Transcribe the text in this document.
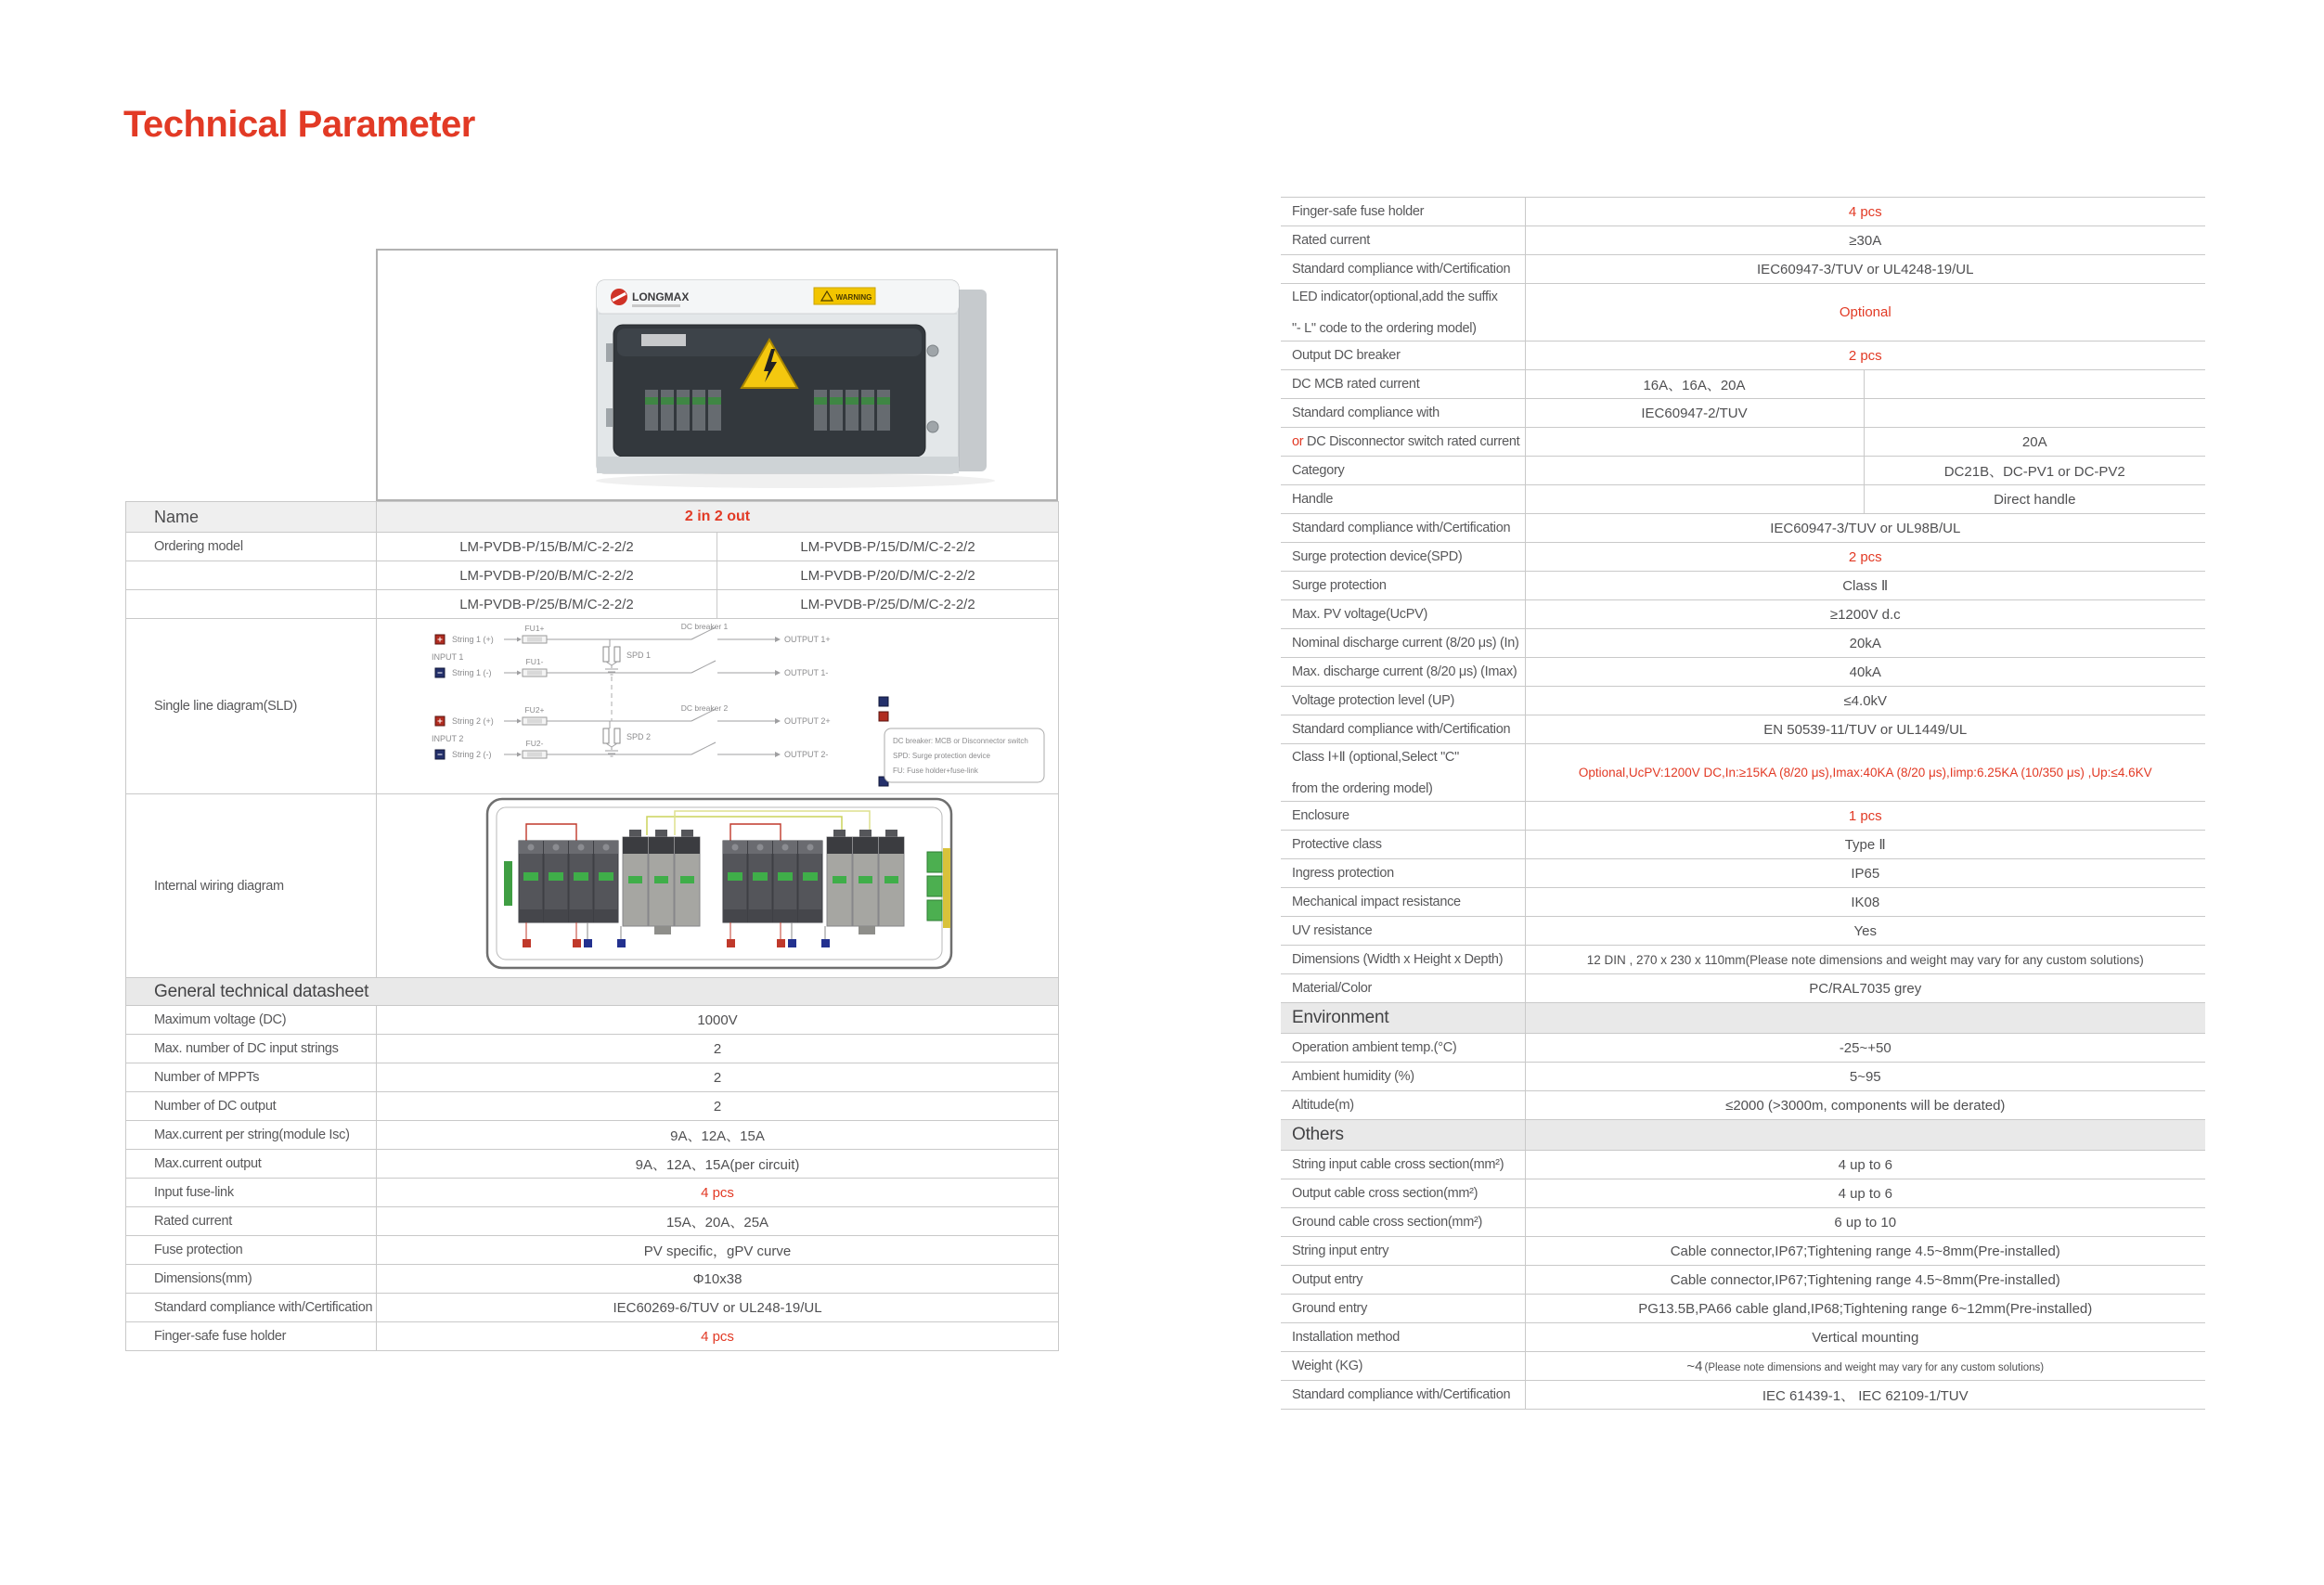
Technical Parameter
LONGMAX	WARNING
Name	2 in 2 out	
Ordering model	LM-PVDB-P/15/B/M/C-2-2/2	LM-PVDB-P/15/D/M/C-2-2/2
	LM-PVDB-P/20/B/M/C-2-2/2	LM-PVDB-P/20/D/M/C-2-2/2
	LM-PVDB-P/25/B/M/C-2-2/2	LM-PVDB-P/25/D/M/C-2-2/2
Single line diagram(SLD)	
String 1 (+)
FU1+	DC breaker 1
OUTPUT 1+
String 1 (-)
FU1-
OUTPUT 1-
INPUT 1	SPD 1
String 2 (+)
FU2+	DC breaker 2
OUTPUT 2+
String 2 (-)
FU2-
OUTPUT 2-
INPUT 2	SPD 2	DC breaker: MCB or Disconnector switch
SPD: Surge protection device
FU: Fuse holder+fuse-link

Internal wiring diagram	
General technical datasheet		
Maximum voltage (DC)	1000V	
Max. number of DC input strings	2	
Number of MPPTs	2	
Number of DC output	2	
Max.current per string(module Isc)	9A、12A、15A	
Max.current output	9A、12A、15A(per circuit)	
Input fuse-link	4 pcs	
Rated current	15A、20A、25A	
Fuse protection	PV specific，gPV curve	
Dimensions(mm)	Φ10x38	
Standard compliance with/Certification	IEC60269-6/TUV or UL248-19/UL	
Finger-safe fuse holder	4 pcs	
Finger-safe fuse holder	4 pcs	
Rated current	≥30A	
Standard compliance with/Certification	IEC60947-3/TUV or UL4248-19/UL	

LED indicator(optional,add the suffix
"- L" code to the ordering model)	Optional	
Output DC breaker	2 pcs	
DC MCB rated current	16A、16A、20A	
Standard compliance with	IEC60947-2/TUV	
or DC Disconnector switch rated current		20A
Category		DC21B、DC-PV1 or DC-PV2
Handle		Direct handle
Standard compliance with/Certification	IEC60947-3/TUV or UL98B/UL	
Surge protection device(SPD)	2 pcs	
Surge protection	Class Ⅱ	
Max. PV voltage(UcPV)	≥1200V d.c	
Nominal discharge current (8/20 μs) (In)	20kA	
Max. discharge current (8/20 μs) (Imax)	40kA	
Voltage protection level (UP)	≤4.0kV	
Standard compliance with/Certification	EN 50539-11/TUV or UL1449/UL	

Class Ⅰ+Ⅱ (optional,Select "C"
from the ordering model)	Optional,UcPV:1200V DC,In:≥15KA (8/20 μs),Imax:40KA (8/20 μs),Iimp:6.25KA (10/350 μs) ,Up:≤4.6KV	
Enclosure	1 pcs	
Protective class	Type Ⅱ	
Ingress protection	IP65	
Mechanical impact resistance	IK08	
UV resistance	Yes	
Dimensions (Width x Height x Depth)	12 DIN , 270 x 230 x 110mm(Please note dimensions and weight may vary for any custom solutions)	
Material/Color	PC/RAL7035 grey	
Environment		
Operation ambient temp.(°C)	-25~+50	
Ambient humidity (%)	5~95	
Altitude(m)	≤2000 (>3000m, components will be derated)	
Others		
String input cable cross section(mm²)	4 up to 6	
Output cable cross section(mm²)	4 up to 6	
Ground cable cross section(mm²)	6 up to 10	
String input entry	Cable connector,IP67;Tightening range 4.5~8mm(Pre-installed)	
Output entry	Cable connector,IP67;Tightening range 4.5~8mm(Pre-installed)	
Ground entry	PG13.5B,PA66 cable gland,IP68;Tightening range 6~12mm(Pre-installed)	
Installation method	Vertical mounting	
Weight (KG)	~4 (Please note dimensions and weight may vary for any custom solutions)	
Standard compliance with/Certification	IEC 61439-1、 IEC 62109-1/TUV	
